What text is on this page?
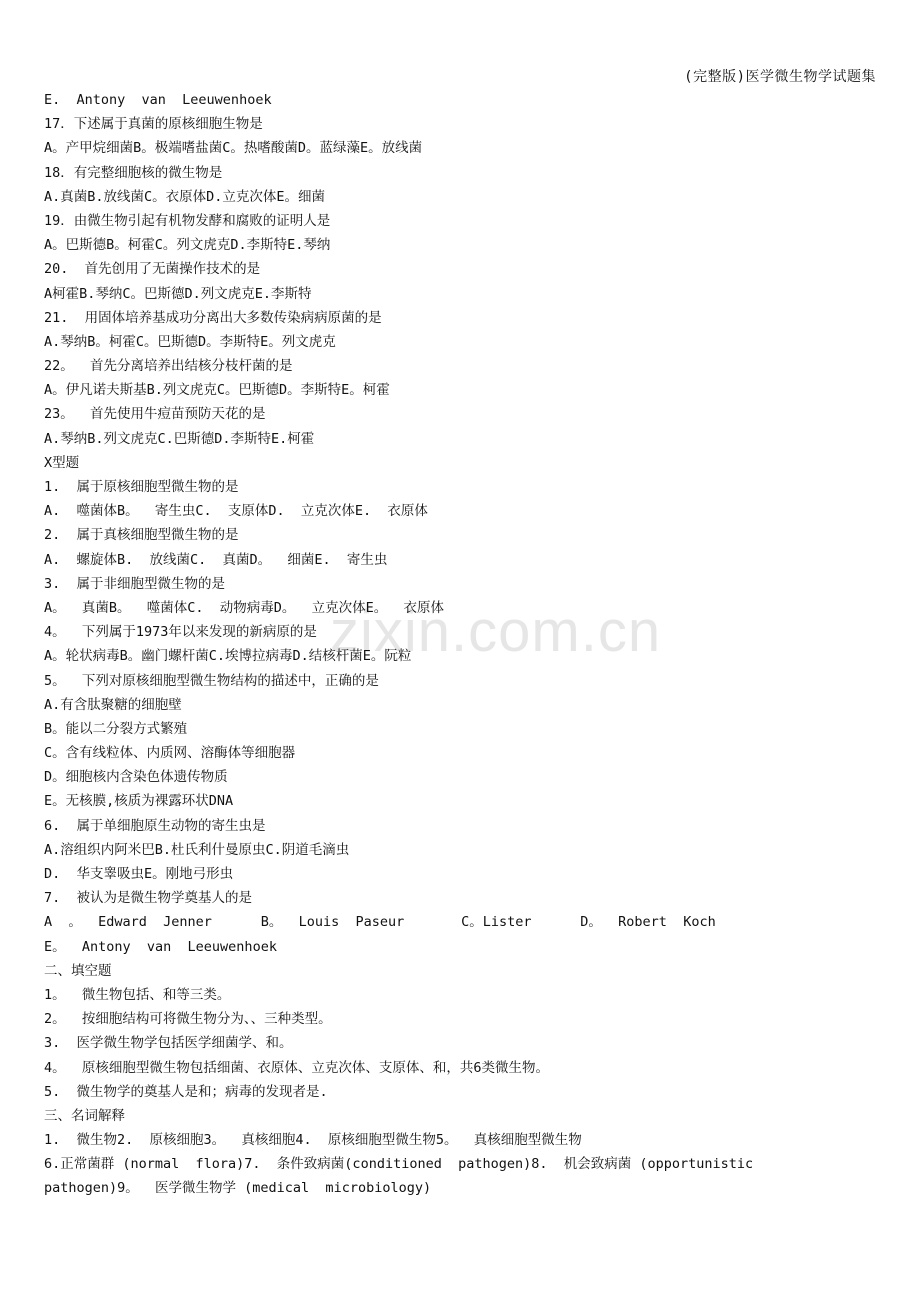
(完整版)医学微生物学试题集
zixin.com.cn
E.  Antony  van  Leeuwenhoek
17．下述属于真菌的原核细胞生物是
A。产甲烷细菌B。极端嗜盐菌C。热嗜酸菌D。蓝绿藻E。放线菌
18．有完整细胞核的微生物是
A.真菌B.放线菌C。衣原体D.立克次体E。细菌
19．由微生物引起有机物发酵和腐败的证明人是
A。巴斯德B。柯霍C。列文虎克D.李斯特E.琴纳
20.  首先创用了无菌操作技术的是
A柯霍B.琴纳C。巴斯德D.列文虎克E.李斯特
21.  用固体培养基成功分离出大多数传染病病原菌的是
A.琴纳B。柯霍C。巴斯德D。李斯特E。列文虎克
22。  首先分离培养出结核分枝杆菌的是
A。伊凡诺夫斯基B.列文虎克C。巴斯德D。李斯特E。柯霍
23。  首先使用牛痘苗预防天花的是
A.琴纳B.列文虎克C.巴斯德D.李斯特E.柯霍
X型题
1.  属于原核细胞型微生物的是
A.  噬菌体B。  寄生虫C.  支原体D.  立克次体E.  衣原体
2.  属于真核细胞型微生物的是
A.  螺旋体B.  放线菌C.  真菌D。  细菌E.  寄生虫
3.  属于非细胞型微生物的是
A。  真菌B。  噬菌体C.  动物病毒D。  立克次体E。  衣原体
4。  下列属于1973年以来发现的新病原的是
A。轮状病毒B。幽门螺杆菌C.埃博拉病毒D.结核杆菌E。阮粒
5。  下列对原核细胞型微生物结构的描述中，正确的是
A.有含肽聚糖的细胞壁
B。能以二分裂方式繁殖
C。含有线粒体、内质网、溶酶体等细胞器
D。细胞核内含染色体遗传物质
E。无核膜,核质为裸露环状DNA
6.  属于单细胞原生动物的寄生虫是
A.溶组织内阿米巴B.杜氏利什曼原虫C.阴道毛滴虫
D.  华支睾吸虫E。刚地弓形虫
7.  被认为是微生物学奠基人的是
A  。  Edward  Jenner      B。  Louis  Paseur       C。Lister      D。  Robert  Koch
E。  Antony  van  Leeuwenhoek
二、填空题
1。  微生物包括、和等三类。
2。  按细胞结构可将微生物分为、、三种类型。
3.  医学微生物学包括医学细菌学、和。
4。  原核细胞型微生物包括细菌、衣原体、立克次体、支原体、和，共6类微生物。
5.  微生物学的奠基人是和；病毒的发现者是.
三、名词解释
1.  微生物2.  原核细胞3。  真核细胞4.  原核细胞型微生物5。  真核细胞型微生物
6.正常菌群 (normal  flora)7.  条件致病菌(conditioned  pathogen)8.  机会致病菌 (opportunistic
pathogen)9。  医学微生物学 (medical  microbiology)
